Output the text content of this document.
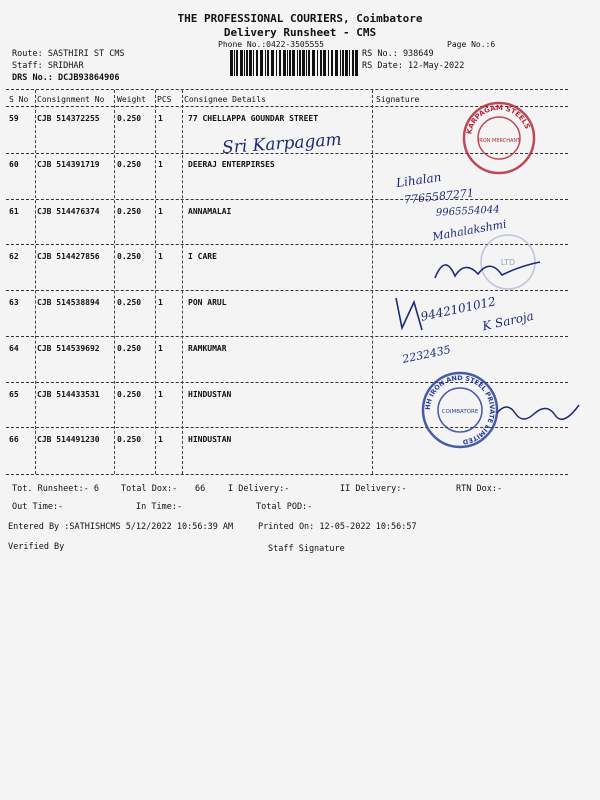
THE PROFESSIONAL COURIERS, Coimbatore
Delivery Runsheet - CMS
Phone No.:0422-3505555	Page No.:6
Route: SASTHIRI ST CMS
Staff: SRIDHAR
DRS No.: DCJB93864906
RS No.: 938649
RS Date: 12-May-2022
S No Consignment No Weight PCS Consignee Details	Signature
59 CJB 514372255 0.250 1	77 CHELLAPPA GOUNDAR STREET
60 CJB 514391719 0.250 1	DEERAJ ENTERPIRSES
61 CJB 514476374 0.250 1	ANNAMALAI
62 CJB 514427856 0.250 1	I CARE
63 CJB 514538894 0.250 1	PON ARUL
64 CJB 514539692 0.250 1	RAMKUMAR
65 CJB 514433531 0.250 1	HINDUSTAN
66 CJB 514491230 0.250 1	HINDUSTAN
KARPAGAM STEELS
IRON MERCHANT
HH IRON AND STEEL PRIVATE LIMITED
COIMBATORE
LTD
Sri Karpagam
Lihalan
7765587271
9965554044
Mahalakshmi
9442101012
K Saroja
2232435
Tot. Runsheet:- 6	Total Dox:- 66	I Delivery:-	II Delivery:-	RTN Dox:-
Out Time:-	In Time:-	Total POD:-
Entered By :SATHISHCMS 5/12/2022 10:56:39 AM	Printed On: 12-05-2022 10:56:57
Verified By	Staff Signature
